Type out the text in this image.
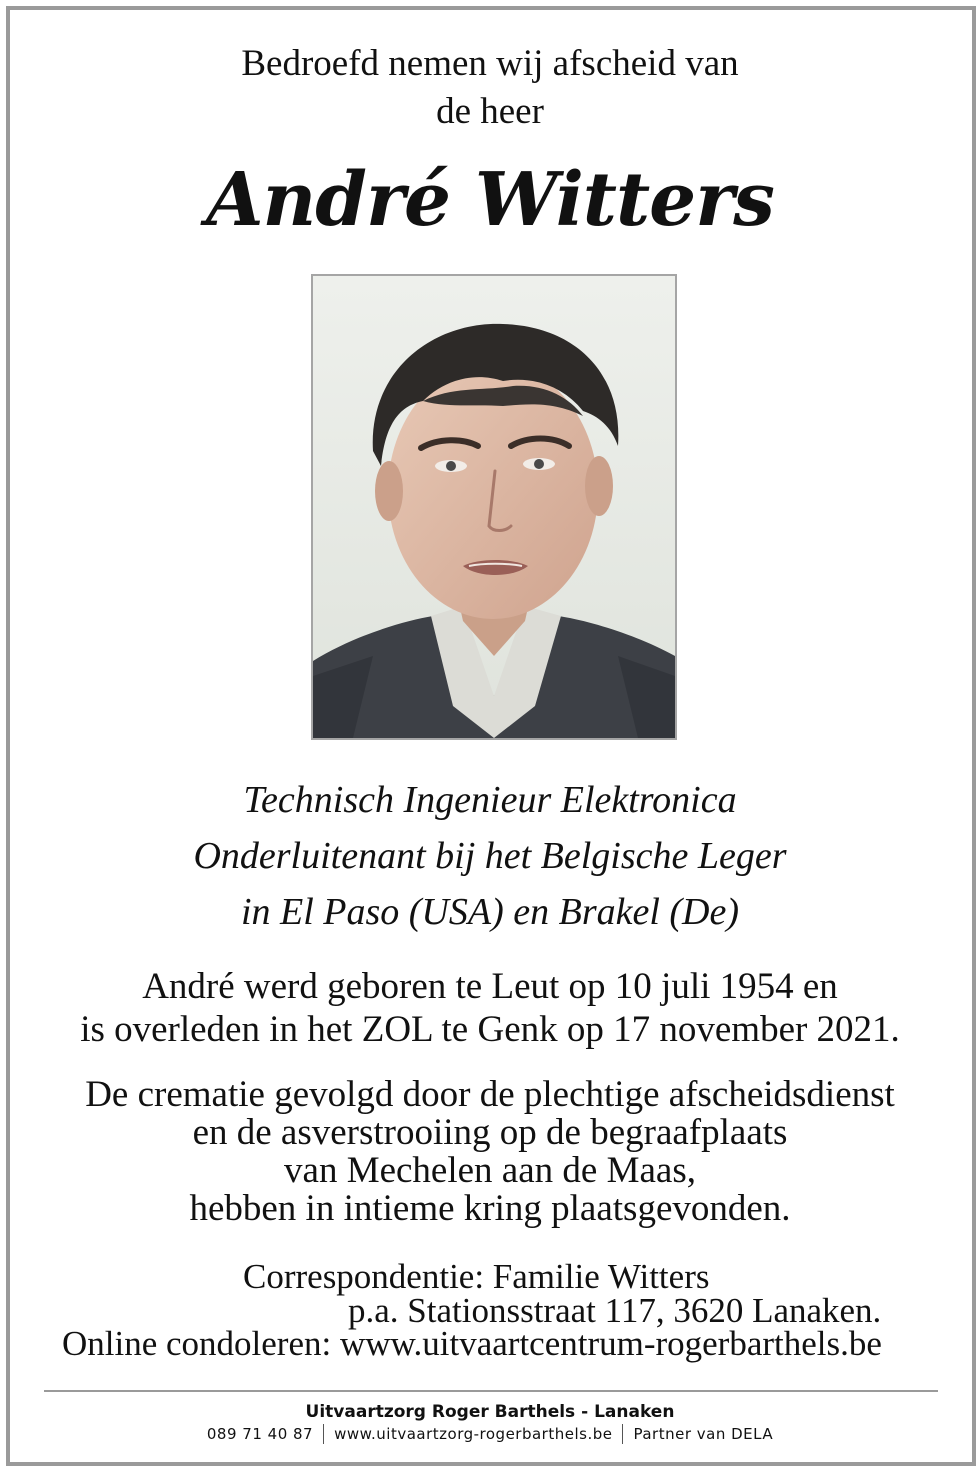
Bedroefd nemen wij afscheid van
de heer
André Witters
Technisch Ingenieur Elektronica
Onderluitenant bij het Belgische Leger
in El Paso (USA) en Brakel (De)
André werd geboren te Leut op 10 juli 1954 en
is overleden in het ZOL te Genk op 17 november 2021.
De crematie gevolgd door de plechtige afscheidsdienst
en de asverstrooiing op de begraafplaats
van Mechelen aan de Maas,
hebben in intieme kring plaatsgevonden.
Correspondentie: Familie Witters
p.a. Stationsstraat 117, 3620 Lanaken.
Online condoleren: www.uitvaartcentrum-rogerbarthels.be
Uitvaartzorg Roger Barthels - Lanaken
089 71 40 87	www.uitvaartzorg-rogerbarthels.be	Partner van DELA
